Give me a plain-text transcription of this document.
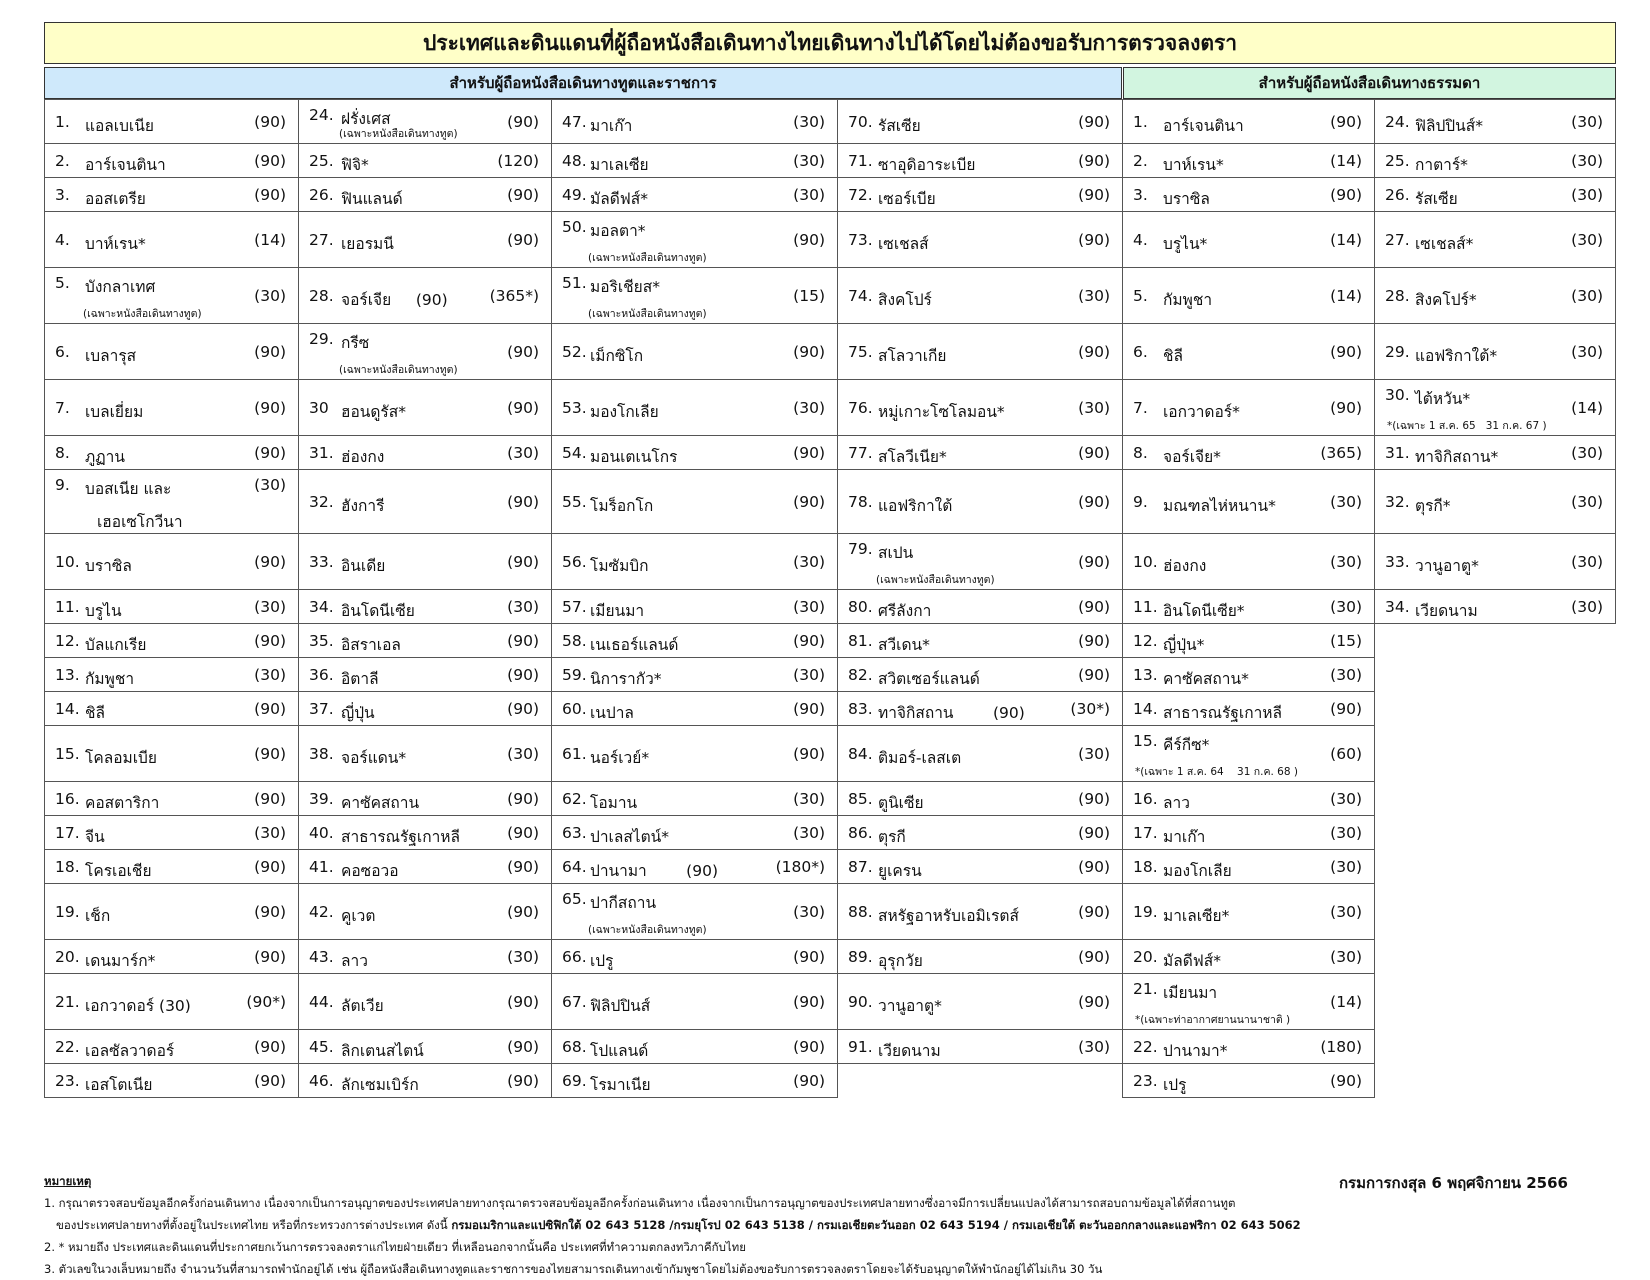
ประเทศและดินแดนที่ผู้ถือหนังสือเดินทางไทยเดินทางไปได้โดยไม่ต้องขอรับการตรวจลงตรา
สำหรับผู้ถือหนังสือเดินทางทูตและราชการ	สำหรับผู้ถือหนังสือเดินทางธรรมดา
1. แอลเบเนีย	(90)
2. อาร์เจนตินา	(90)
3. ออสเตรีย	(90)
4. บาห์เรน*	(14)
5. บังกลาเทศ	(30)
(เฉพาะหนังสือเดินทางทูต)
6. เบลารุส	(90)
7. เบลเยี่ยม	(90)
8. ภูฏาน	(90)
9. บอสเนีย และ	(30)
เฮอเซโกวีนา
10. บราซิล	(90)
11. บรูไน	(30)
12. บัลแกเรีย	(90)
13. กัมพูชา	(30)
14. ชิลี	(90)
15. โคลอมเบีย	(90)
16. คอสตาริกา	(90)
17. จีน	(30)
18. โครเอเชีย	(90)
19. เช็ก	(90)
20. เดนมาร์ก*	(90)
21. เอกวาดอร์ (30)	(90*)
22. เอลซัลวาดอร์	(90)
23. เอสโตเนีย	(90)
24. ฝรั่งเศส	(90)
(เฉพาะหนังสือเดินทางทูต)
25. ฟิจิ*	(120)
26. ฟินแลนด์	(90)
27. เยอรมนี	(90)
28. จอร์เจีย     (90)	(365*)
29. กรีซ	(90)
(เฉพาะหนังสือเดินทางทูต)
30 ฮอนดูรัส*	(90)
31. ฮ่องกง	(30)
32. ฮังการี	(90)
33. อินเดีย	(90)
34. อินโดนีเซีย	(30)
35. อิสราเอล	(90)
36. อิตาลี	(90)
37. ญี่ปุ่น	(90)
38. จอร์แดน*	(30)
39. คาซัคสถาน	(90)
40. สาธารณรัฐเกาหลี	(90)
41. คอซอวอ	(90)
42. คูเวต	(90)
43. ลาว	(30)
44. ลัตเวีย	(90)
45. ลิกเตนสไตน์	(90)
46. ลักเซมเบิร์ก	(90)
47. มาเก๊า	(30)
48. มาเลเซีย	(30)
49. มัลดีฟส์*	(30)
50. มอลตา*	(90)
(เฉพาะหนังสือเดินทางทูต)
51. มอริเชียส*	(15)
(เฉพาะหนังสือเดินทางทูต)
52. เม็กซิโก	(90)
53. มองโกเลีย	(30)
54. มอนเตเนโกร	(90)
55. โมร็อกโก	(90)
56. โมซัมบิก	(30)
57. เมียนมา	(30)
58. เนเธอร์แลนด์	(90)
59. นิการากัว*	(30)
60. เนปาล	(90)
61. นอร์เวย์*	(90)
62. โอมาน	(30)
63. ปาเลสไตน์*	(30)
64. ปานามา        (90)	(180*)
65. ปากีสถาน	(30)
(เฉพาะหนังสือเดินทางทูต)
66. เปรู	(90)
67. ฟิลิปปินส์	(90)
68. โปแลนด์	(90)
69. โรมาเนีย	(90)
70. รัสเซีย	(90)
71. ซาอุดิอาระเบีย	(90)
72. เซอร์เบีย	(90)
73. เซเชลส์	(90)
74. สิงคโปร์	(30)
75. สโลวาเกีย	(90)
76. หมู่เกาะโซโลมอน*	(30)
77. สโลวีเนีย*	(90)
78. แอฟริกาใต้	(90)
79. สเปน	(90)
(เฉพาะหนังสือเดินทางทูต)
80. ศรีลังกา	(90)
81. สวีเดน*	(90)
82. สวิตเซอร์แลนด์	(90)
83. ทาจิกิสถาน        (90)	(30*)
84. ติมอร์-เลสเต	(30)
85. ตูนิเซีย	(90)
86. ตุรกี	(90)
87. ยูเครน	(90)
88. สหรัฐอาหรับเอมิเรตส์	(90)
89. อุรุกวัย	(90)
90. วานูอาตู*	(90)
91. เวียดนาม	(30)
1. อาร์เจนตินา	(90)
2. บาห์เรน*	(14)
3. บราซิล	(90)
4. บรูไน*	(14)
5. กัมพูชา	(14)
6. ชิลี	(90)
7. เอกวาดอร์*	(90)
8. จอร์เจีย*	(365)
9. มณฑลไห่หนาน*	(30)
10. ฮ่องกง	(30)
11. อินโดนีเซีย*	(30)
12. ญี่ปุ่น*	(15)
13. คาซัคสถาน*	(30)
14. สาธารณรัฐเกาหลี	(90)
15. คีร์กีซ*	(60)
*(เฉพาะ 1 ส.ค. 64    31 ก.ค. 68 )
16. ลาว	(30)
17. มาเก๊า	(30)
18. มองโกเลีย	(30)
19. มาเลเซีย*	(30)
20. มัลดีฟส์*	(30)
21. เมียนมา	(14)
*(เฉพาะท่าอากาศยานนานาชาติ )
22. ปานามา*	(180)
23. เปรู	(90)
24. ฟิลิปปินส์*	(30)
25. กาตาร์*	(30)
26. รัสเซีย	(30)
27. เซเชลส์*	(30)
28. สิงคโปร์*	(30)
29. แอฟริกาใต้*	(30)
30. ไต้หวัน*	(14)
*(เฉพาะ 1 ส.ค. 65   31 ก.ค. 67 )
31. ทาจิกิสถาน*	(30)
32. ตุรกี*	(30)
33. วานูอาตู*	(30)
34. เวียดนาม	(30)
หมายเหตุ
1. กรุณาตรวจสอบข้อมูลอีกครั้งก่อนเดินทาง เนื่องจากเป็นการอนุญาตของประเทศปลายทางกรุณาตรวจสอบข้อมูลอีกครั้งก่อนเดินทาง เนื่องจากเป็นการอนุญาตของประเทศปลายทางซึ่งอาจมีการเปลี่ยนแปลงได้สามารถสอบถามข้อมูลได้ที่สถานทูต
ของประเทศปลายทางที่ตั้งอยู่ในประเทศไทย หรือที่กระทรวงการต่างประเทศ ดังนี้ กรมอเมริกาและแปซิฟิกใต้ 02 643 5128 /กรมยุโรป 02 643 5138 / กรมเอเชียตะวันออก 02 643 5194 / กรมเอเชียใต้ ตะวันออกกลางและแอฟริกา 02 643 5062
2. * หมายถึง ประเทศและดินแดนที่ประกาศยกเว้นการตรวจลงตราแก่ไทยฝ่ายเดียว ที่เหลือนอกจากนั้นคือ ประเทศที่ทำความตกลงทวิภาคีกับไทย
3. ตัวเลขในวงเล็บหมายถึง จำนวนวันที่สามารถพำนักอยู่ได้ เช่น ผู้ถือหนังสือเดินทางทูตและราชการของไทยสามารถเดินทางเข้ากัมพูชาโดยไม่ต้องขอรับการตรวจลงตราโดยจะได้รับอนุญาตให้พำนักอยู่ได้ไม่เกิน 30 วัน
กรมการกงสุล 6 พฤศจิกายน 2566
